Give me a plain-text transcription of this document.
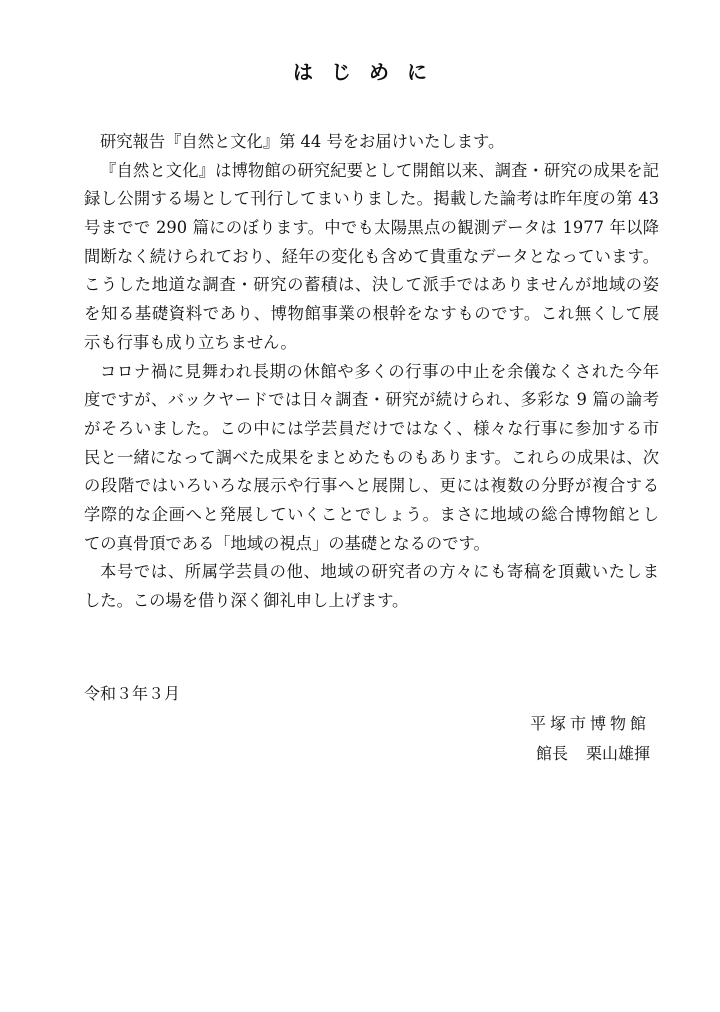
はじめに
研究報告『自然と文化』第 44 号をお届けいたします。
『自然と文化』は博物館の研究紀要として開館以来、調査・研究の成果を記
録し公開する場として刊行してまいりました。掲載した論考は昨年度の第 43
号までで 290 篇にのぼります。中でも太陽黒点の観測データは 1977 年以降
間断なく続けられており、経年の変化も含めて貴重なデータとなっています。
こうした地道な調査・研究の蓄積は、決して派手ではありませんが地域の姿
を知る基礎資料であり、博物館事業の根幹をなすものです。これ無くして展
示も行事も成り立ちません。
コロナ禍に見舞われ長期の休館や多くの行事の中止を余儀なくされた今年
度ですが、バックヤードでは日々調査・研究が続けられ、多彩な 9 篇の論考
がそろいました。この中には学芸員だけではなく、様々な行事に参加する市
民と一緒になって調べた成果をまとめたものもあります。これらの成果は、次
の段階ではいろいろな展示や行事へと展開し、更には複数の分野が複合する
学際的な企画へと発展していくことでしょう。まさに地域の総合博物館とし
ての真骨頂である「地域の視点」の基礎となるのです。
本号では、所属学芸員の他、地域の研究者の方々にも寄稿を頂戴いたしま
した。この場を借り深く御礼申し上げます。
令和３年３月
平塚市博物館
館長 栗山雄揮
